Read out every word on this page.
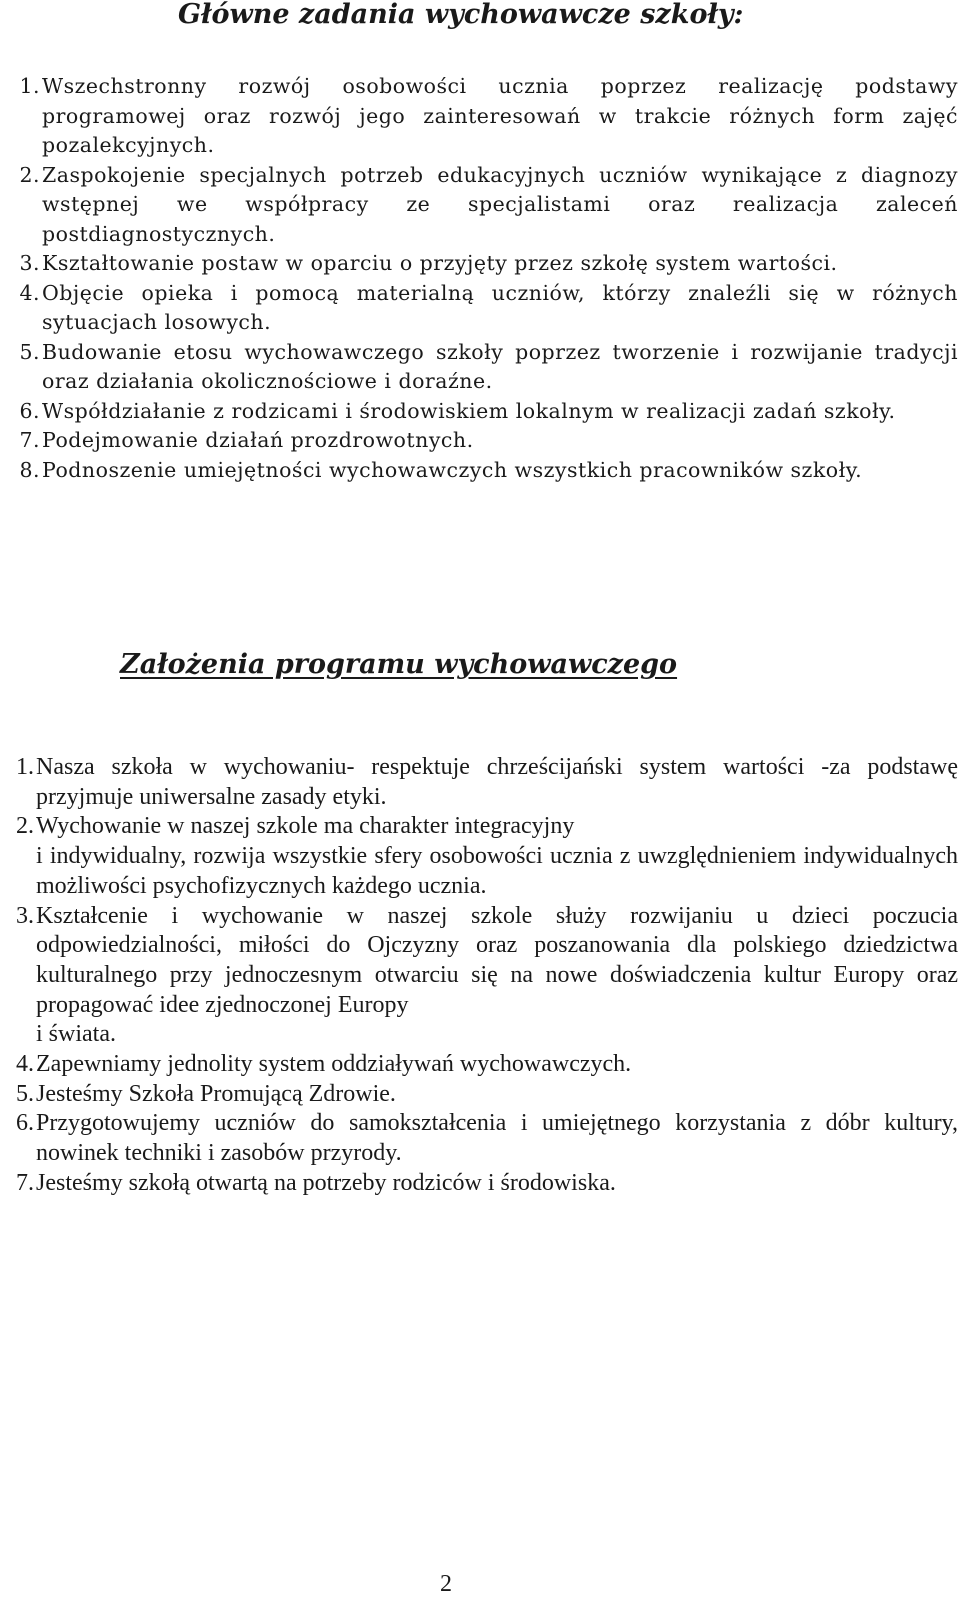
Główne zadania wychowawcze szkoły:
1. Wszechstronny rozwój osobowości ucznia poprzez realizację podstawy programowej oraz rozwój jego zainteresowań w trakcie różnych form zajęć pozalekcyjnych.
2. Zaspokojenie specjalnych potrzeb edukacyjnych uczniów wynikające z diagnozy wstępnej we współpracy ze specjalistami oraz realizacja zaleceń postdiagnostycznych.
3. Kształtowanie postaw w oparciu o przyjęty przez szkołę system wartości.
4. Objęcie opieka i pomocą materialną uczniów, którzy znaleźli się w różnych sytuacjach losowych.
5. Budowanie etosu wychowawczego szkoły poprzez tworzenie i rozwijanie tradycji oraz działania okolicznościowe i doraźne.
6. Współdziałanie z rodzicami i środowiskiem lokalnym w realizacji zadań szkoły.
7. Podejmowanie działań prozdrowotnych.
8. Podnoszenie umiejętności wychowawczych wszystkich pracowników szkoły.
Założenia programu wychowawczego
1. Nasza szkoła w wychowaniu- respektuje chrześcijański system wartości -za podstawę przyjmuje uniwersalne zasady etyki.
2. Wychowanie w naszej szkole ma charakter integracyjny
i indywidualny, rozwija wszystkie sfery osobowości ucznia z uwzględnieniem indywidualnych możliwości psychofizycznych każdego ucznia.
3. Kształcenie i wychowanie w naszej szkole służy rozwijaniu u dzieci poczucia odpowiedzialności, miłości do Ojczyzny oraz poszanowania dla polskiego dziedzictwa kulturalnego przy jednoczesnym otwarciu się na nowe doświadczenia kultur Europy oraz propagować idee zjednoczonej Europy
i świata.
4. Zapewniamy jednolity system oddziaływań wychowawczych.
5. Jesteśmy Szkoła Promującą Zdrowie.
6. Przygotowujemy uczniów do samokształcenia i umiejętnego korzystania z dóbr kultury, nowinek techniki i zasobów przyrody.
7. Jesteśmy szkołą otwartą na potrzeby rodziców i środowiska.
2
